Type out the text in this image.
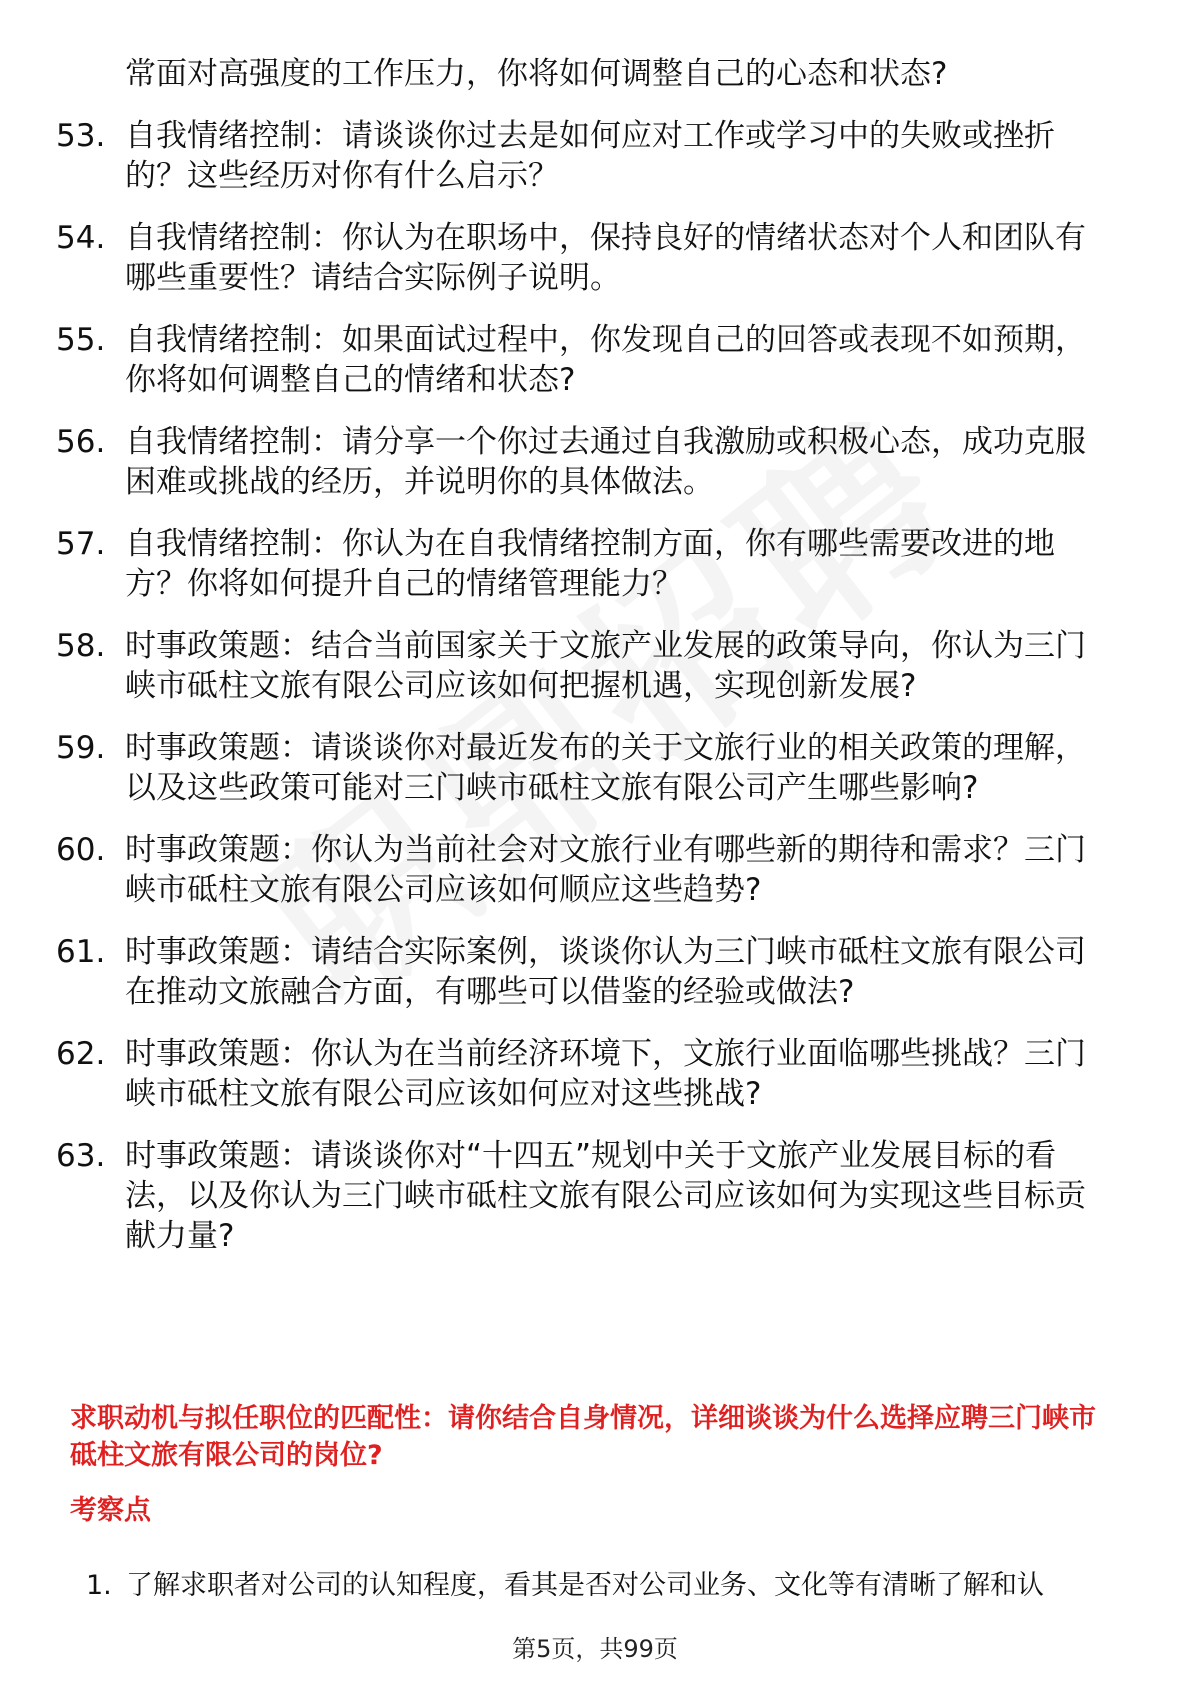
常面对高强度的工作压力，你将如何调整自己的心态和状态?
53. 自我情绪控制：请谈谈你过去是如何应对工作或学习中的失败或挫折的？这些经历对你有什么启示？
54. 自我情绪控制：你认为在职场中，保持良好的情绪状态对个人和团队有哪些重要性？请结合实际例子说明。
55. 自我情绪控制：如果面试过程中，你发现自己的回答或表现不如预期，你将如何调整自己的情绪和状态?
56. 自我情绪控制：请分享一个你过去通过自我激励或积极心态，成功克服困难或挑战的经历，并说明你的具体做法。
57. 自我情绪控制：你认为在自我情绪控制方面，你有哪些需要改进的地方？你将如何提升自己的情绪管理能力？
58. 时事政策题：结合当前国家关于文旅产业发展的政策导向，你认为三门峡市砥柱文旅有限公司应该如何把握机遇，实现创新发展?
59. 时事政策题：请谈谈你对最近发布的关于文旅行业的相关政策的理解，以及这些政策可能对三门峡市砥柱文旅有限公司产生哪些影响?
60. 时事政策题：你认为当前社会对文旅行业有哪些新的期待和需求？三门峡市砥柱文旅有限公司应该如何顺应这些趋势?
61. 时事政策题：请结合实际案例，谈谈你认为三门峡市砥柱文旅有限公司在推动文旅融合方面，有哪些可以借鉴的经验或做法?
62. 时事政策题：你认为在当前经济环境下，文旅行业面临哪些挑战？三门峡市砥柱文旅有限公司应该如何应对这些挑战?
63. 时事政策题：请谈谈你对“十四五”规划中关于文旅产业发展目标的看法，以及你认为三门峡市砥柱文旅有限公司应该如何为实现这些目标贡献力量?
求职动机与拟任职位的匹配性：请你结合自身情况，详细谈谈为什么选择应聘三门峡市砥柱文旅有限公司的岗位?
考察点
1. 了解求职者对公司的认知程度，看其是否对公司业务、文化等有清晰了解和认
第5页，共99页
